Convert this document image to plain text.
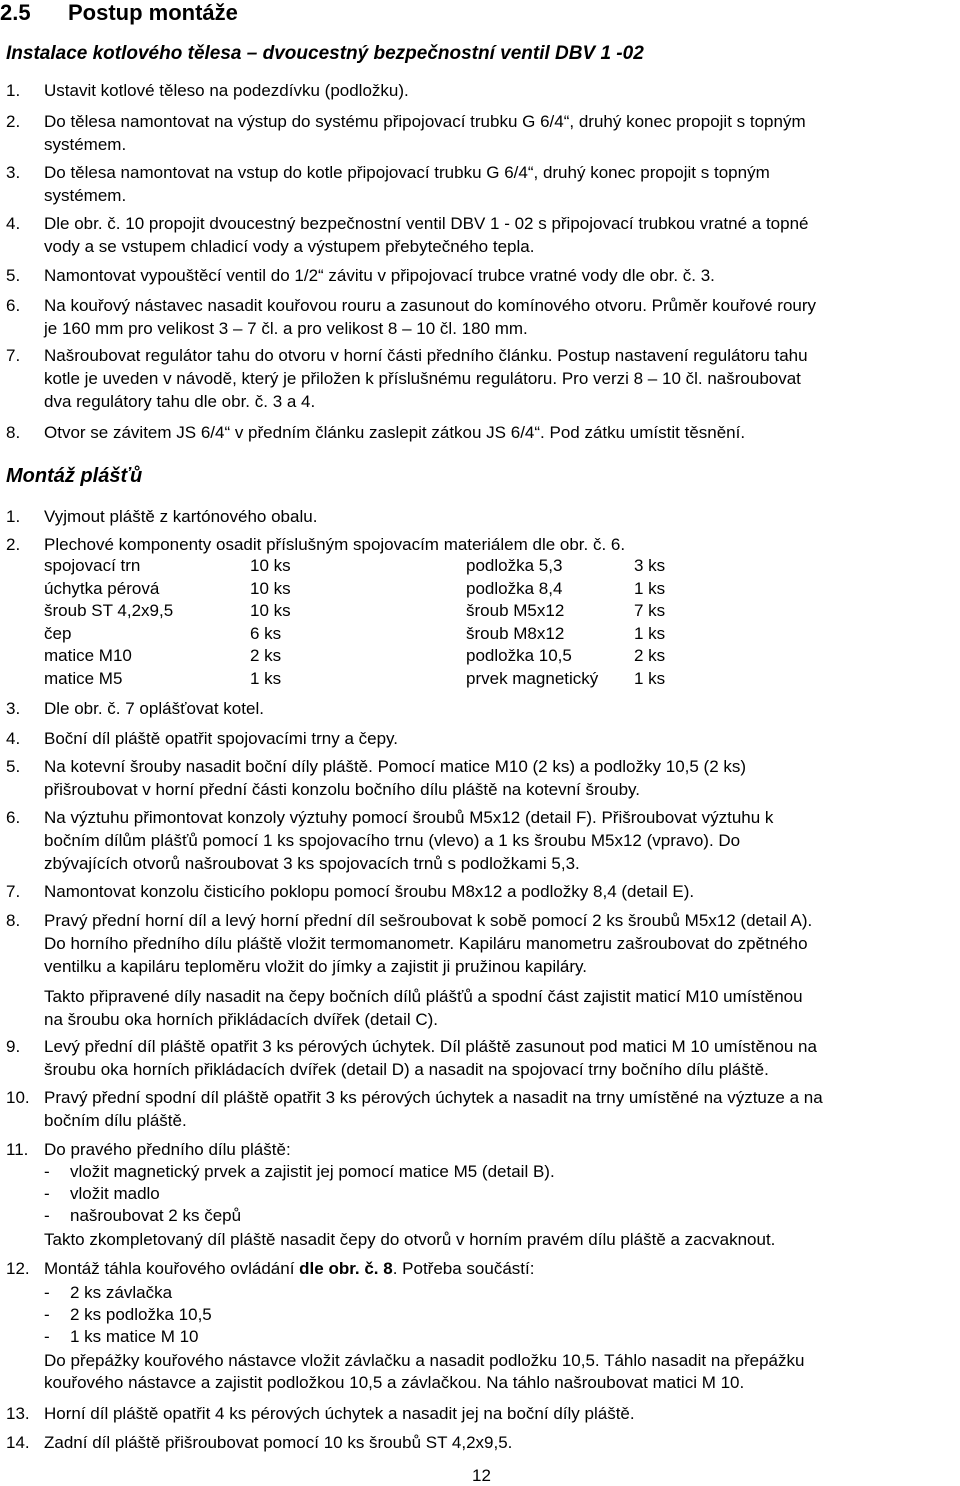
2.5 Postup montáže
Instalace kotlového tělesa – dvoucestný bezpečnostní ventil DBV 1 -02
1. Ustavit kotlové těleso na podezdívku (podložku).
2. Do tělesa namontovat na výstup do systému připojovací trubku G 6/4“, druhý konec propojit s topným
systémem.
3. Do tělesa namontovat na vstup do kotle připojovací trubku G 6/4“, druhý konec propojit s topným
systémem.
4. Dle obr. č. 10 propojit dvoucestný bezpečnostní ventil DBV 1 - 02 s připojovací trubkou vratné a topné
vody a se vstupem chladicí vody a výstupem přebytečného tepla.
5. Namontovat vypouštěcí ventil do 1/2“ závitu v připojovací trubce vratné vody dle obr. č. 3.
6. Na kouřový nástavec nasadit kouřovou rouru a zasunout do komínového otvoru. Průměr kouřové roury
je 160 mm pro velikost 3 – 7 čl. a pro velikost 8 – 10 čl. 180 mm.
7. Našroubovat regulátor tahu do otvoru v horní části předního článku. Postup nastavení regulátoru tahu
kotle je uveden v návodě, který je přiložen k příslušnému regulátoru. Pro verzi 8 – 10 čl. našroubovat
dva regulátory tahu dle obr. č. 3 a 4.
8. Otvor se závitem JS 6/4“ v předním článku zaslepit zátkou JS 6/4“. Pod zátku umístit těsnění.
Montáž plášťů
1. Vyjmout pláště z kartónového obalu.
2. Plechové komponenty osadit příslušným spojovacím materiálem dle obr. č. 6.
spojovací trn	10 ks	podložka 5,3	3 ks
úchytka pérová	10 ks	podložka 8,4	1 ks
šroub ST 4,2x9,5	10 ks	šroub M5x12	7 ks
čep	6 ks	šroub M8x12	1 ks
matice M10	2 ks	podložka 10,5	2 ks
matice M5	1 ks	prvek magnetický 1 ks
3. Dle obr. č. 7 oplášťovat kotel.
4. Boční díl pláště opatřit spojovacími trny a čepy.
5. Na kotevní šrouby nasadit boční díly pláště. Pomocí matice M10 (2 ks) a podložky 10,5 (2 ks)
přišroubovat v horní přední části konzolu bočního dílu pláště na kotevní šrouby.
6. Na výztuhu přimontovat konzoly výztuhy pomocí šroubů M5x12 (detail F). Přišroubovat výztuhu k
bočním dílům plášťů pomocí 1 ks spojovacího trnu (vlevo) a 1 ks šroubu M5x12 (vpravo). Do
zbývajících otvorů našroubovat 3 ks spojovacích trnů s podložkami 5,3.
7. Namontovat konzolu čisticího poklopu pomocí šroubu M8x12 a podložky 8,4 (detail E).
8. Pravý přední horní díl a levý horní přední díl sešroubovat k sobě pomocí 2 ks šroubů M5x12 (detail A).
Do horního předního dílu pláště vložit termomanometr. Kapiláru manometru zašroubovat do zpětného
ventilku a kapiláru teploměru vložit do jímky a zajistit ji pružinou kapiláry.
Takto připravené díly nasadit na čepy bočních dílů plášťů a spodní část zajistit maticí M10 umístěnou
na šroubu oka horních přikládacích dvířek (detail C).
9. Levý přední díl pláště opatřit 3 ks pérových úchytek. Díl pláště zasunout pod matici M 10 umístěnou na
šroubu oka horních přikládacích dvířek (detail D) a nasadit na spojovací trny bočního dílu pláště.
10. Pravý přední spodní díl pláště opatřit 3 ks pérových úchytek a nasadit na trny umístěné na výztuze a na
bočním dílu pláště.
11. Do pravého předního dílu pláště:
- vložit magnetický prvek a zajistit jej pomocí matice M5 (detail B).
- vložit madlo
- našroubovat 2 ks čepů
Takto zkompletovaný díl pláště nasadit čepy do otvorů v horním pravém dílu pláště a zacvaknout.
12. Montáž táhla kouřového ovládání dle obr. č. 8. Potřeba součástí:
- 2 ks závlačka
- 2 ks podložka 10,5
- 1 ks matice M 10
Do přepážky kouřového nástavce vložit závlačku a nasadit podložku 10,5. Táhlo nasadit na přepážku
kouřového nástavce a zajistit podložkou 10,5 a závlačkou. Na táhlo našroubovat matici M 10.
13. Horní díl pláště opatřit 4 ks pérových úchytek a nasadit jej na boční díly pláště.
14. Zadní díl pláště přišroubovat pomocí 10 ks šroubů ST 4,2x9,5.
12
